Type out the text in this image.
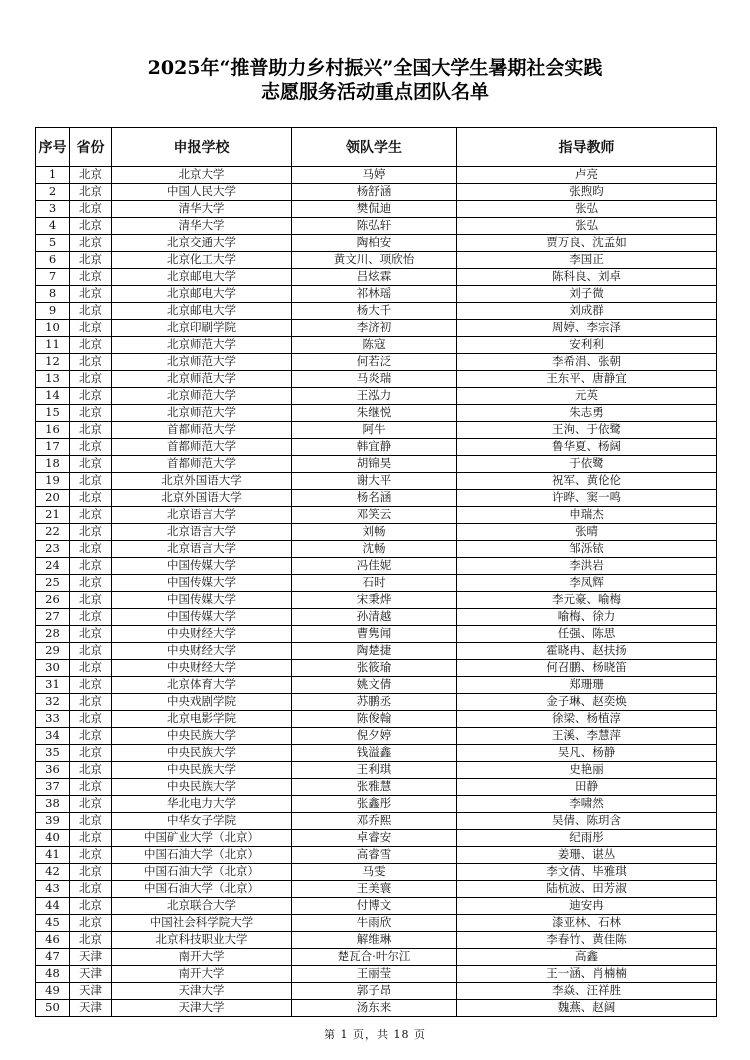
2025年“推普助力乡村振兴”全国大学生暑期社会实践
志愿服务活动重点团队名单
序号	省份	申报学校	领队学生	指导教师
1	北京	北京大学	马婷	卢亮
2	北京	中国人民大学	杨舒涵	张煦昀
3	北京	清华大学	樊侃迪	张弘
4	北京	清华大学	陈弘轩	张弘
5	北京	北京交通大学	陶柏安	贾万良、沈孟如
6	北京	北京化工大学	黄文川、项欣怡	李国正
7	北京	北京邮电大学	吕炫霖	陈科良、刘卓
8	北京	北京邮电大学	祁林瑶	刘子微
9	北京	北京邮电大学	杨大千	刘成群
10	北京	北京印刷学院	李济初	周婷、李宗泽
11	北京	北京师范大学	陈寇	安利利
12	北京	北京师范大学	何若泛	李希涓、张朝
13	北京	北京师范大学	马炎瑞	王东平、唐静宜
14	北京	北京师范大学	王泓力	元英
15	北京	北京师范大学	朱继悦	朱志勇
16	北京	首都师范大学	阿牛	王洵、于依鹭
17	北京	首都师范大学	韩宜静	鲁华夏、杨阔
18	北京	首都师范大学	胡锦昊	于依鹭
19	北京	北京外国语大学	谢大平	祝军、黄伦伦
20	北京	北京外国语大学	杨名涵	许晔、窦一鸣
21	北京	北京语言大学	邓笑云	申瑞杰
22	北京	北京语言大学	刘畅	张晴
23	北京	北京语言大学	沈畅	邹泺铱
24	北京	中国传媒大学	冯佳妮	李洪岩
25	北京	中国传媒大学	石时	李凤辉
26	北京	中国传媒大学	宋秉烨	李元豪、喻梅
27	北京	中国传媒大学	孙清越	喻梅、徐力
28	北京	中央财经大学	曹隽闻	任强、陈思
29	北京	中央财经大学	陶楚捷	霍晓冉、赵扶扬
30	北京	中央财经大学	张筱瑜	何召鹏、杨晓笛
31	北京	北京体育大学	姚文倩	郑珊珊
32	北京	中央戏剧学院	苏鹏丞	金子琳、赵奕焕
33	北京	北京电影学院	陈俊翰	徐梁、杨植淳
34	北京	中央民族大学	倪夕婷	王溪、李慧萍
35	北京	中央民族大学	钱溢鑫	吴凡、杨静
36	北京	中央民族大学	王利琪	史艳丽
37	北京	中央民族大学	张雅慧	田静
38	北京	华北电力大学	张鑫彤	李啸然
39	北京	中华女子学院	邓乔熙	吴倩、陈玥含
40	北京	中国矿业大学（北京）	卓睿安	纪雨彤
41	北京	中国石油大学（北京）	高睿雪	姜珊、谌丛
42	北京	中国石油大学（北京）	马雯	李文倩、毕雅琪
43	北京	中国石油大学（北京）	王美寰	陆杭波、田芳淑
44	北京	北京联合大学	付博文	迪安冉
45	北京	中国社会科学院大学	牛雨欣	漆亚林、石林
46	北京	北京科技职业大学	解维琳	李春竹、黄佳陈
47	天津	南开大学	楚瓦合·叶尔江	高鑫
48	天津	南开大学	王丽莹	王一涵、肖楠楠
49	天津	天津大学	郭子昂	李焱、汪祥胜
50	天津	天津大学	汤东来	魏燕、赵阔
第 1 页，共 18 页
